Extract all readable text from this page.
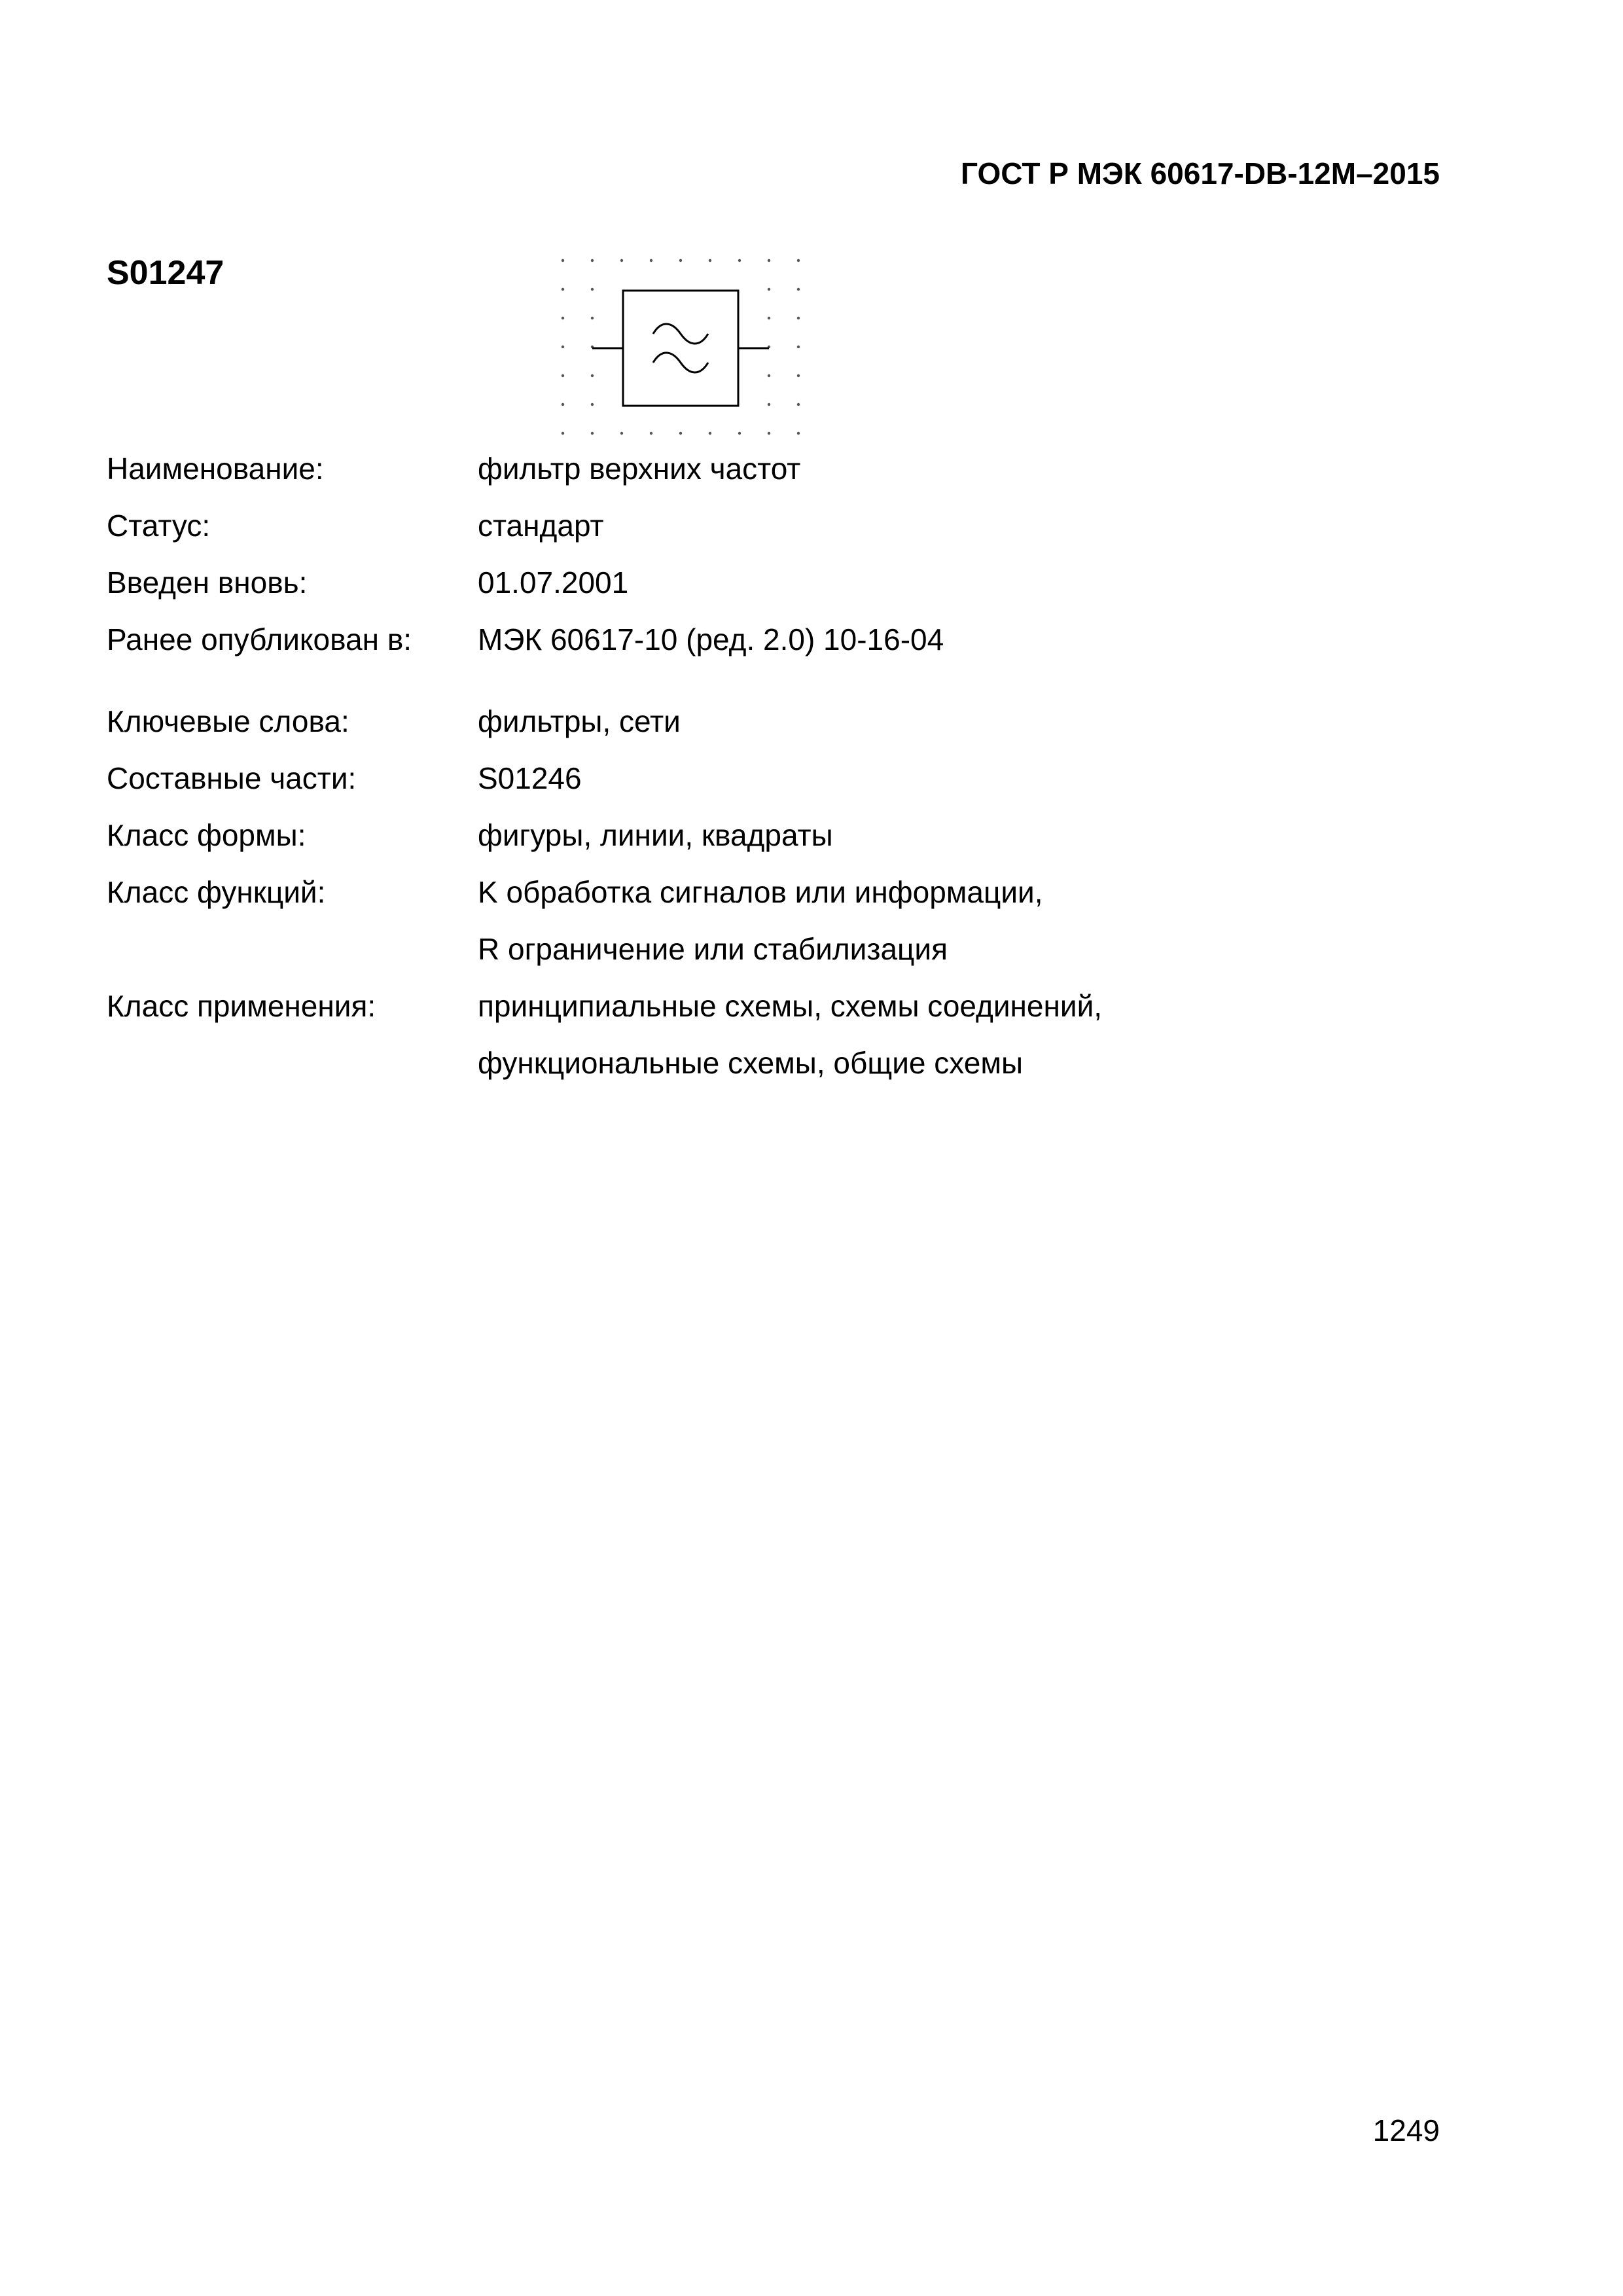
ГОСТ Р МЭК 60617-DB-12M–2015
S01247
Наименование:	фильтр верхних частот
Статус:	стандарт
Введен вновь:	01.07.2001
Ранее опубликован в:	МЭК 60617-10 (ред. 2.0) 10-16-04
Ключевые слова:	фильтры, сети
Составные части:	S01246
Класс формы:	фигуры, линии, квадраты
Класс функций:	K обработка сигналов или информации,
R ограничение или стабилизация
Класс применения:	принципиальные схемы, схемы соединений,
функциональные схемы, общие схемы
1249
